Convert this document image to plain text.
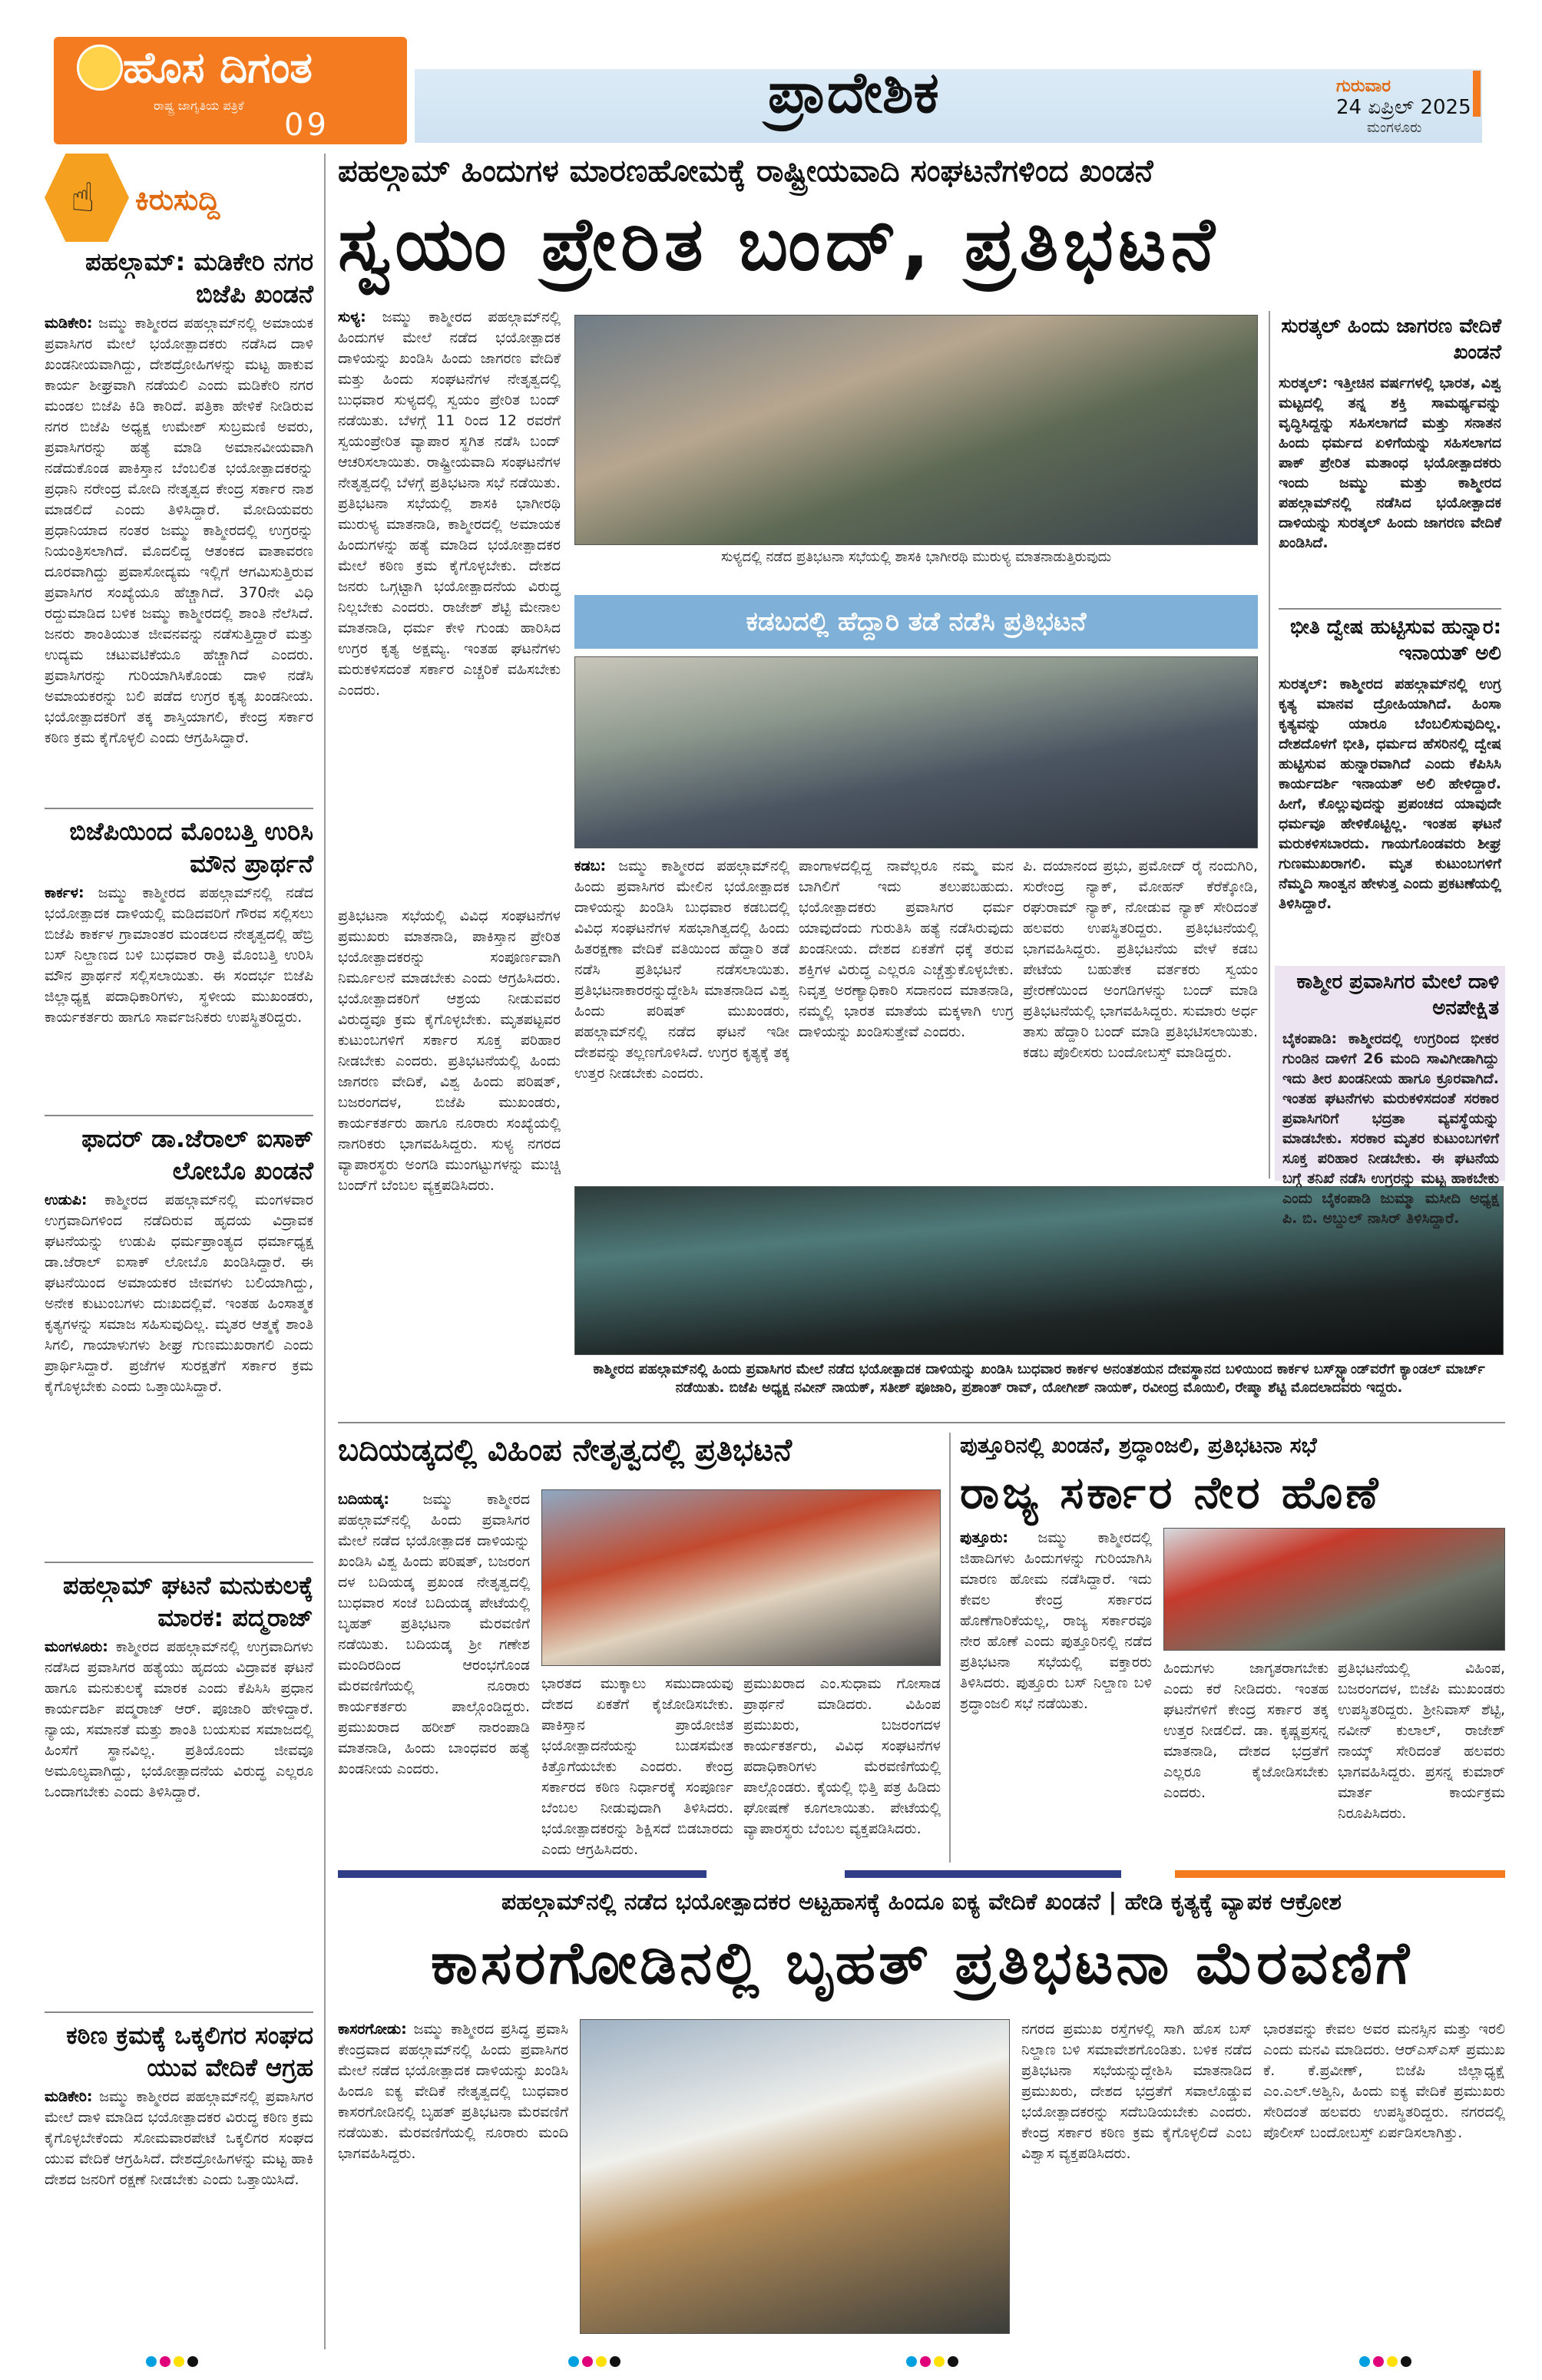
ಹೊಸ ದಿಗಂತ
ರಾಷ್ಟ್ರ ಜಾಗೃತಿಯ ಪತ್ರಿಕೆ
09	ಪ್ರಾದೇಶಿಕ	ಗುರುವಾರ
24 ಏಪ್ರಿಲ್ 2025
ಮಂಗಳೂರು
☝ ಕಿರುಸುದ್ದಿ
ಪಹಲ್ಗಾಮ್: ಮಡಿಕೇರಿ ನಗರ ಬಿಜೆಪಿ ಖಂಡನೆ
ಮಡಿಕೇರಿ: ಜಮ್ಮು ಕಾಶ್ಮೀರದ ಪಹಲ್ಗಾಮ್‌ನಲ್ಲಿ ಅಮಾಯಕ ಪ್ರವಾಸಿಗರ ಮೇಲೆ ಭಯೋತ್ಪಾದಕರು ನಡೆಸಿದ ದಾಳಿ ಖಂಡನೀಯವಾಗಿದ್ದು, ದೇಶದ್ರೋಹಿಗಳನ್ನು ಮಟ್ಟ ಹಾಕುವ ಕಾರ್ಯ ಶೀಘ್ರವಾಗಿ ನಡೆಯಲಿ ಎಂದು ಮಡಿಕೇರಿ ನಗರ ಮಂಡಲ ಬಿಜೆಪಿ ಕಿಡಿ ಕಾರಿದೆ. ಪತ್ರಿಕಾ ಹೇಳಿಕೆ ನೀಡಿರುವ ನಗರ ಬಿಜೆಪಿ ಅಧ್ಯಕ್ಷ ಉಮೇಶ್ ಸುಬ್ರಮಣಿ ಅವರು, ಪ್ರವಾಸಿಗರನ್ನು ಹತ್ಯೆ ಮಾಡಿ ಅಮಾನವೀಯವಾಗಿ ನಡೆದುಕೊಂಡ ಪಾಕಿಸ್ತಾನ ಬೆಂಬಲಿತ ಭಯೋತ್ಪಾದಕರನ್ನು ಪ್ರಧಾನಿ ನರೇಂದ್ರ ಮೋದಿ ನೇತೃತ್ವದ ಕೇಂದ್ರ ಸರ್ಕಾರ ನಾಶ ಮಾಡಲಿದೆ ಎಂದು ತಿಳಿಸಿದ್ದಾರೆ. ಮೋದಿಯವರು ಪ್ರಧಾನಿಯಾದ ನಂತರ ಜಮ್ಮು ಕಾಶ್ಮೀರದಲ್ಲಿ ಉಗ್ರರನ್ನು ನಿಯಂತ್ರಿಸಲಾಗಿದೆ. ಮೊದಲಿದ್ದ ಆತಂಕದ ವಾತಾವರಣ ದೂರವಾಗಿದ್ದು ಪ್ರವಾಸೋದ್ಯಮ ಇಲ್ಲಿಗೆ ಆಗಮಿಸುತ್ತಿರುವ ಪ್ರವಾಸಿಗರ ಸಂಖ್ಯೆಯೂ ಹೆಚ್ಚಾಗಿದೆ. 370ನೇ ವಿಧಿ ರದ್ದುಮಾಡಿದ ಬಳಿಕ ಜಮ್ಮು ಕಾಶ್ಮೀರದಲ್ಲಿ ಶಾಂತಿ ನೆಲೆಸಿದೆ. ಜನರು ಶಾಂತಿಯುತ ಜೀವನವನ್ನು ನಡೆಸುತ್ತಿದ್ದಾರೆ ಮತ್ತು ಉದ್ಯಮ ಚಟುವಟಿಕೆಯೂ ಹೆಚ್ಚಾಗಿದೆ ಎಂದರು. ಪ್ರವಾಸಿಗರನ್ನು ಗುರಿಯಾಗಿಸಿಕೊಂಡು ದಾಳಿ ನಡೆಸಿ ಅಮಾಯಕರನ್ನು ಬಲಿ ಪಡೆದ ಉಗ್ರರ ಕೃತ್ಯ ಖಂಡನೀಯ. ಭಯೋತ್ಪಾದಕರಿಗೆ ತಕ್ಕ ಶಾಸ್ತಿಯಾಗಲಿ, ಕೇಂದ್ರ ಸರ್ಕಾರ ಕಠಿಣ ಕ್ರಮ ಕೈಗೊಳ್ಳಲಿ ಎಂದು ಆಗ್ರಹಿಸಿದ್ದಾರೆ.
ಬಿಜೆಪಿಯಿಂದ ಮೊಂಬತ್ತಿ ಉರಿಸಿ ಮೌನ ಪ್ರಾರ್ಥನೆ
ಕಾರ್ಕಳ: ಜಮ್ಮು ಕಾಶ್ಮೀರದ ಪಹಲ್ಗಾಮ್‌ನಲ್ಲಿ ನಡೆದ ಭಯೋತ್ಪಾದಕ ದಾಳಿಯಲ್ಲಿ ಮಡಿದವರಿಗೆ ಗೌರವ ಸಲ್ಲಿಸಲು ಬಿಜೆಪಿ ಕಾರ್ಕಳ ಗ್ರಾಮಾಂತರ ಮಂಡಲದ ನೇತೃತ್ವದಲ್ಲಿ ಹೆಬ್ರಿ ಬಸ್ ನಿಲ್ದಾಣದ ಬಳಿ ಬುಧವಾರ ರಾತ್ರಿ ಮೊಂಬತ್ತಿ ಉರಿಸಿ ಮೌನ ಪ್ರಾರ್ಥನೆ ಸಲ್ಲಿಸಲಾಯಿತು. ಈ ಸಂದರ್ಭ ಬಿಜೆಪಿ ಜಿಲ್ಲಾಧ್ಯಕ್ಷ ಪದಾಧಿಕಾರಿಗಳು, ಸ್ಥಳೀಯ ಮುಖಂಡರು, ಕಾರ್ಯಕರ್ತರು ಹಾಗೂ ಸಾರ್ವಜನಿಕರು ಉಪಸ್ಥಿತರಿದ್ದರು.
ಫಾದರ್ ಡಾ.ಜೆರಾಲ್ ಐಸಾಕ್ ಲೋಬೊ ಖಂಡನೆ
ಉಡುಪಿ: ಕಾಶ್ಮೀರದ ಪಹಲ್ಗಾಮ್‌ನಲ್ಲಿ ಮಂಗಳವಾರ ಉಗ್ರವಾದಿಗಳಿಂದ ನಡೆದಿರುವ ಹೃದಯ ವಿದ್ರಾವಕ ಘಟನೆಯನ್ನು ಉಡುಪಿ ಧರ್ಮಪ್ರಾಂತ್ಯದ ಧರ್ಮಾಧ್ಯಕ್ಷ ಡಾ.ಜೆರಾಲ್ ಐಸಾಕ್ ಲೋಬೊ ಖಂಡಿಸಿದ್ದಾರೆ. ಈ ಘಟನೆಯಿಂದ ಅಮಾಯಕರ ಜೀವಗಳು ಬಲಿಯಾಗಿದ್ದು, ಅನೇಕ ಕುಟುಂಬಗಳು ದುಃಖದಲ್ಲಿವೆ. ಇಂತಹ ಹಿಂಸಾತ್ಮಕ ಕೃತ್ಯಗಳನ್ನು ಸಮಾಜ ಸಹಿಸುವುದಿಲ್ಲ. ಮೃತರ ಆತ್ಮಕ್ಕೆ ಶಾಂತಿ ಸಿಗಲಿ, ಗಾಯಾಳುಗಳು ಶೀಘ್ರ ಗುಣಮುಖರಾಗಲಿ ಎಂದು ಪ್ರಾರ್ಥಿಸಿದ್ದಾರೆ. ಪ್ರಜೆಗಳ ಸುರಕ್ಷತೆಗೆ ಸರ್ಕಾರ ಕ್ರಮ ಕೈಗೊಳ್ಳಬೇಕು ಎಂದು ಒತ್ತಾಯಿಸಿದ್ದಾರೆ.
ಪಹಲ್ಗಾಮ್ ಘಟನೆ ಮನುಕುಲಕ್ಕೆ ಮಾರಕ: ಪದ್ಮರಾಜ್
ಮಂಗಳೂರು: ಕಾಶ್ಮೀರದ ಪಹಲ್ಗಾಮ್‌ನಲ್ಲಿ ಉಗ್ರವಾದಿಗಳು ನಡೆಸಿದ ಪ್ರವಾಸಿಗರ ಹತ್ಯೆಯು ಹೃದಯ ವಿದ್ರಾವಕ ಘಟನೆ ಹಾಗೂ ಮನುಕುಲಕ್ಕೆ ಮಾರಕ ಎಂದು ಕೆಪಿಸಿಸಿ ಪ್ರಧಾನ ಕಾರ್ಯದರ್ಶಿ ಪದ್ಮರಾಜ್ ಆರ್. ಪೂಜಾರಿ ಹೇಳಿದ್ದಾರೆ. ನ್ಯಾಯ, ಸಮಾನತೆ ಮತ್ತು ಶಾಂತಿ ಬಯಸುವ ಸಮಾಜದಲ್ಲಿ ಹಿಂಸೆಗೆ ಸ್ಥಾನವಿಲ್ಲ. ಪ್ರತಿಯೊಂದು ಜೀವವೂ ಅಮೂಲ್ಯವಾಗಿದ್ದು, ಭಯೋತ್ಪಾದನೆಯ ವಿರುದ್ಧ ಎಲ್ಲರೂ ಒಂದಾಗಬೇಕು ಎಂದು ತಿಳಿಸಿದ್ದಾರೆ.
ಕಠಿಣ ಕ್ರಮಕ್ಕೆ ಒಕ್ಕಲಿಗರ ಸಂಘದ ಯುವ ವೇದಿಕೆ ಆಗ್ರಹ
ಮಡಿಕೇರಿ: ಜಮ್ಮು ಕಾಶ್ಮೀರದ ಪಹಲ್ಗಾಮ್‌ನಲ್ಲಿ ಪ್ರವಾಸಿಗರ ಮೇಲೆ ದಾಳಿ ಮಾಡಿದ ಭಯೋತ್ಪಾದಕರ ವಿರುದ್ಧ ಕಠಿಣ ಕ್ರಮ ಕೈಗೊಳ್ಳಬೇಕೆಂದು ಸೋಮವಾರಪೇಟೆ ಒಕ್ಕಲಿಗರ ಸಂಘದ ಯುವ ವೇದಿಕೆ ಆಗ್ರಹಿಸಿದೆ. ದೇಶದ್ರೋಹಿಗಳನ್ನು ಮಟ್ಟ ಹಾಕಿ ದೇಶದ ಜನರಿಗೆ ರಕ್ಷಣೆ ನೀಡಬೇಕು ಎಂದು ಒತ್ತಾಯಿಸಿದೆ.
ಪಹಲ್ಗಾಮ್ ಹಿಂದುಗಳ ಮಾರಣಹೋಮಕ್ಕೆ ರಾಷ್ಟ್ರೀಯವಾದಿ ಸಂಘಟನೆಗಳಿಂದ ಖಂಡನೆ
ಸ್ವಯಂ ಪ್ರೇರಿತ ಬಂದ್, ಪ್ರತಿಭಟನೆ
ಸುಳ್ಯ: ಜಮ್ಮು ಕಾಶ್ಮೀರದ ಪಹಲ್ಗಾಮ್‌ನಲ್ಲಿ ಹಿಂದುಗಳ ಮೇಲೆ ನಡೆದ ಭಯೋತ್ಪಾದಕ ದಾಳಿಯನ್ನು ಖಂಡಿಸಿ ಹಿಂದು ಜಾಗರಣ ವೇದಿಕೆ ಮತ್ತು ಹಿಂದು ಸಂಘಟನೆಗಳ ನೇತೃತ್ವದಲ್ಲಿ ಬುಧವಾರ ಸುಳ್ಯದಲ್ಲಿ ಸ್ವಯಂ ಪ್ರೇರಿತ ಬಂದ್ ನಡೆಯಿತು. ಬೆಳಗ್ಗೆ 11 ರಿಂದ 12 ರವರೆಗೆ ಸ್ವಯಂಪ್ರೇರಿತ ವ್ಯಾಪಾರ ಸ್ಥಗಿತ ನಡೆಸಿ ಬಂದ್ ಆಚರಿಸಲಾಯಿತು. ರಾಷ್ಟ್ರೀಯವಾದಿ ಸಂಘಟನೆಗಳ ನೇತೃತ್ವದಲ್ಲಿ ಬೆಳಗ್ಗೆ ಪ್ರತಿಭಟನಾ ಸಭೆ ನಡೆಯಿತು. ಪ್ರತಿಭಟನಾ ಸಭೆಯಲ್ಲಿ ಶಾಸಕಿ ಭಾಗೀರಥಿ ಮುರುಳ್ಯ ಮಾತನಾಡಿ, ಕಾಶ್ಮೀರದಲ್ಲಿ ಅಮಾಯಕ ಹಿಂದುಗಳನ್ನು ಹತ್ಯೆ ಮಾಡಿದ ಭಯೋತ್ಪಾದಕರ ಮೇಲೆ ಕಠಿಣ ಕ್ರಮ ಕೈಗೊಳ್ಳಬೇಕು. ದೇಶದ ಜನರು ಒಗ್ಗಟ್ಟಾಗಿ ಭಯೋತ್ಪಾದನೆಯ ವಿರುದ್ಧ ನಿಲ್ಲಬೇಕು ಎಂದರು. ರಾಜೇಶ್ ಶೆಟ್ಟಿ ಮೇನಾಲ ಮಾತನಾಡಿ, ಧರ್ಮ ಕೇಳಿ ಗುಂಡು ಹಾರಿಸಿದ ಉಗ್ರರ ಕೃತ್ಯ ಅಕ್ಷಮ್ಯ. ಇಂತಹ ಘಟನೆಗಳು ಮರುಕಳಿಸದಂತೆ ಸರ್ಕಾರ ಎಚ್ಚರಿಕೆ ವಹಿಸಬೇಕು ಎಂದರು.
ಸುಳ್ಯದಲ್ಲಿ ನಡೆದ ಪ್ರತಿಭಟನಾ ಸಭೆಯಲ್ಲಿ ಶಾಸಕಿ ಭಾಗೀರಥಿ ಮುರುಳ್ಯ ಮಾತನಾಡುತ್ತಿರುವುದು
ಕಡಬದಲ್ಲಿ ಹೆದ್ದಾರಿ ತಡೆ ನಡೆಸಿ ಪ್ರತಿಭಟನೆ
ಕಡಬ: ಜಮ್ಮು ಕಾಶ್ಮೀರದ ಪಹಲ್ಗಾಮ್‌ನಲ್ಲಿ ಹಿಂದು ಪ್ರವಾಸಿಗರ ಮೇಲಿನ ಭಯೋತ್ಪಾದಕ ದಾಳಿಯನ್ನು ಖಂಡಿಸಿ ಬುಧವಾರ ಕಡಬದಲ್ಲಿ ವಿವಿಧ ಸಂಘಟನೆಗಳ ಸಹಭಾಗಿತ್ವದಲ್ಲಿ ಹಿಂದು ಹಿತರಕ್ಷಣಾ ವೇದಿಕೆ ವತಿಯಿಂದ ಹೆದ್ದಾರಿ ತಡೆ ನಡೆಸಿ ಪ್ರತಿಭಟನೆ ನಡೆಸಲಾಯಿತು. ಪ್ರತಿಭಟನಾಕಾರರನ್ನುದ್ದೇಶಿಸಿ ಮಾತನಾಡಿದ ವಿಶ್ವ ಹಿಂದು ಪರಿಷತ್ ಮುಖಂಡರು, ಪಹಲ್ಗಾಮ್‌ನಲ್ಲಿ ನಡೆದ ಘಟನೆ ಇಡೀ ದೇಶವನ್ನು ತಲ್ಲಣಗೊಳಿಸಿದೆ. ಉಗ್ರರ ಕೃತ್ಯಕ್ಕೆ ತಕ್ಕ ಉತ್ತರ ನೀಡಬೇಕು ಎಂದರು.
ಪಾಂಗಾಳದಲ್ಲಿದ್ದ ನಾವೆಲ್ಲರೂ ನಮ್ಮ ಮನ ಬಾಗಿಲಿಗೆ ಇದು ತಲುಪಬಹುದು. ಭಯೋತ್ಪಾದಕರು ಪ್ರವಾಸಿಗರ ಧರ್ಮ ಯಾವುದೆಂದು ಗುರುತಿಸಿ ಹತ್ಯೆ ನಡೆಸಿರುವುದು ಖಂಡನೀಯ. ದೇಶದ ಏಕತೆಗೆ ಧಕ್ಕೆ ತರುವ ಶಕ್ತಿಗಳ ವಿರುದ್ಧ ಎಲ್ಲರೂ ಎಚ್ಚೆತ್ತುಕೊಳ್ಳಬೇಕು. ನಿವೃತ್ತ ಅರಣ್ಯಾಧಿಕಾರಿ ಸದಾನಂದ ಮಾತನಾಡಿ, ನಮ್ಮಲ್ಲಿ ಭಾರತ ಮಾತೆಯ ಮಕ್ಕಳಾಗಿ ಉಗ್ರ ದಾಳಿಯನ್ನು ಖಂಡಿಸುತ್ತೇವೆ ಎಂದರು.
ಪಿ. ದಯಾನಂದ ಪ್ರಭು, ಪ್ರಮೋದ್ ರೈ ನಂದುಗಿರಿ, ಸುರೇಂದ್ರ ನ್ಯಾಕ್, ಮೋಹನ್ ಕೆರೆಕ್ಕೋಡಿ, ರಘುರಾಮ್ ನ್ಯಾಕ್, ನೋಡುವ ನ್ಯಾಕ್ ಸೇರಿದಂತೆ ಹಲವರು ಉಪಸ್ಥಿತರಿದ್ದರು. ಪ್ರತಿಭಟನೆಯಲ್ಲಿ ಭಾಗವಹಿಸಿದ್ದರು. ಪ್ರತಿಭಟನೆಯ ವೇಳೆ ಕಡಬ ಪೇಟೆಯ ಬಹುತೇಕ ವರ್ತಕರು ಸ್ವಯಂ ಪ್ರೇರಣೆಯಿಂದ ಅಂಗಡಿಗಳನ್ನು ಬಂದ್ ಮಾಡಿ ಪ್ರತಿಭಟನೆಯಲ್ಲಿ ಭಾಗವಹಿಸಿದ್ದರು. ಸುಮಾರು ಅರ್ಧ ತಾಸು ಹೆದ್ದಾರಿ ಬಂದ್ ಮಾಡಿ ಪ್ರತಿಭಟಿಸಲಾಯಿತು. ಕಡಬ ಪೊಲೀಸರು ಬಂದೋಬಸ್ತ್ ಮಾಡಿದ್ದರು.
ಕಾಶ್ಮೀರದ ಪಹಲ್ಗಾಮ್‌ನಲ್ಲಿ ಹಿಂದು ಪ್ರವಾಸಿಗರ ಮೇಲೆ ನಡೆದ ಭಯೋತ್ಪಾದಕ ದಾಳಿಯನ್ನು ಖಂಡಿಸಿ ಬುಧವಾರ ಕಾರ್ಕಳ ಅನಂತಶಯನ ದೇವಸ್ಥಾನದ ಬಳಿಯಿಂದ ಕಾರ್ಕಳ ಬಸ್‌ಸ್ಟ್ಯಾಂಡ್‌ವರೆಗೆ ಕ್ಯಾಂಡಲ್ ಮಾರ್ಚ್ ನಡೆಯಿತು. ಬಿಜೆಪಿ ಅಧ್ಯಕ್ಷ ನವೀನ್ ನಾಯಕ್, ಸತೀಶ್ ಪೂಜಾರಿ, ಪ್ರಶಾಂತ್ ರಾವ್, ಯೋಗೀಶ್ ನಾಯಕ್, ರವೀಂದ್ರ ಮೊಯಿಲಿ, ರೇಷ್ಮಾ ಶೆಟ್ಟಿ ಮೊದಲಾದವರು ಇದ್ದರು.
ಪ್ರತಿಭಟನಾ ಸಭೆಯಲ್ಲಿ ವಿವಿಧ ಸಂಘಟನೆಗಳ ಪ್ರಮುಖರು ಮಾತನಾಡಿ, ಪಾಕಿಸ್ತಾನ ಪ್ರೇರಿತ ಭಯೋತ್ಪಾದಕರನ್ನು ಸಂಪೂರ್ಣವಾಗಿ ನಿರ್ಮೂಲನೆ ಮಾಡಬೇಕು ಎಂದು ಆಗ್ರಹಿಸಿದರು. ಭಯೋತ್ಪಾದಕರಿಗೆ ಆಶ್ರಯ ನೀಡುವವರ ವಿರುದ್ಧವೂ ಕ್ರಮ ಕೈಗೊಳ್ಳಬೇಕು. ಮೃತಪಟ್ಟವರ ಕುಟುಂಬಗಳಿಗೆ ಸರ್ಕಾರ ಸೂಕ್ತ ಪರಿಹಾರ ನೀಡಬೇಕು ಎಂದರು. ಪ್ರತಿಭಟನೆಯಲ್ಲಿ ಹಿಂದು ಜಾಗರಣ ವೇದಿಕೆ, ವಿಶ್ವ ಹಿಂದು ಪರಿಷತ್, ಬಜರಂಗದಳ, ಬಿಜೆಪಿ ಮುಖಂಡರು, ಕಾರ್ಯಕರ್ತರು ಹಾಗೂ ನೂರಾರು ಸಂಖ್ಯೆಯಲ್ಲಿ ನಾಗರಿಕರು ಭಾಗವಹಿಸಿದ್ದರು. ಸುಳ್ಯ ನಗರದ ವ್ಯಾಪಾರಸ್ಥರು ಅಂಗಡಿ ಮುಂಗಟ್ಟುಗಳನ್ನು ಮುಚ್ಚಿ ಬಂದ್‌ಗೆ ಬೆಂಬಲ ವ್ಯಕ್ತಪಡಿಸಿದರು.
ಸುರತ್ಕಲ್ ಹಿಂದು ಜಾಗರಣ ವೇದಿಕೆ ಖಂಡನೆ
ಸುರತ್ಕಲ್: ಇತ್ತೀಚಿನ ವರ್ಷಗಳಲ್ಲಿ ಭಾರತ, ವಿಶ್ವ ಮಟ್ಟದಲ್ಲಿ ತನ್ನ ಶಕ್ತಿ ಸಾಮರ್ಥ್ಯವನ್ನು ವೃದ್ಧಿಸಿದ್ದನ್ನು ಸಹಿಸಲಾಗದೆ ಮತ್ತು ಸನಾತನ ಹಿಂದು ಧರ್ಮದ ಏಳಿಗೆಯನ್ನು ಸಹಿಸಲಾಗದ ಪಾಕ್ ಪ್ರೇರಿತ ಮತಾಂಧ ಭಯೋತ್ಪಾದಕರು ಇಂದು ಜಮ್ಮು ಮತ್ತು ಕಾಶ್ಮೀರದ ಪಹಲ್ಗಾಮ್‌ನಲ್ಲಿ ನಡೆಸಿದ ಭಯೋತ್ಪಾದಕ ದಾಳಿಯನ್ನು ಸುರತ್ಕಲ್ ಹಿಂದು ಜಾಗರಣ ವೇದಿಕೆ ಖಂಡಿಸಿದೆ.
ಭೀತಿ ದ್ವೇಷ ಹುಟ್ಟಿಸುವ ಹುನ್ನಾರ: ಇನಾಯತ್ ಅಲಿ
ಸುರತ್ಕಲ್: ಕಾಶ್ಮೀರದ ಪಹಲ್ಗಾಮ್‌ನಲ್ಲಿ ಉಗ್ರ ಕೃತ್ಯ ಮಾನವ ದ್ರೋಹಿಯಾಗಿದೆ. ಹಿಂಸಾ ಕೃತ್ಯವನ್ನು ಯಾರೂ ಬೆಂಬಲಿಸುವುದಿಲ್ಲ. ದೇಶದೊಳಗೆ ಭೀತಿ, ಧರ್ಮದ ಹೆಸರಿನಲ್ಲಿ ದ್ವೇಷ ಹುಟ್ಟಿಸುವ ಹುನ್ನಾರವಾಗಿದೆ ಎಂದು ಕೆಪಿಸಿಸಿ ಕಾರ್ಯದರ್ಶಿ ಇನಾಯತ್ ಅಲಿ ಹೇಳಿದ್ದಾರೆ. ಹೀಗೆ, ಕೊಲ್ಲುವುದನ್ನು ಪ್ರಪಂಚದ ಯಾವುದೇ ಧರ್ಮವೂ ಹೇಳಿಕೊಟ್ಟಿಲ್ಲ. ಇಂತಹ ಘಟನೆ ಮರುಕಳಿಸಬಾರದು. ಗಾಯಗೊಂಡವರು ಶೀಘ್ರ ಗುಣಮುಖರಾಗಲಿ. ಮೃತ ಕುಟುಂಬಗಳಿಗೆ ನೆಮ್ಮದಿ ಸಾಂತ್ವನ ಹೇಳುತ್ತ ಎಂದು ಪ್ರಕಟಣೆಯಲ್ಲಿ ತಿಳಿಸಿದ್ದಾರೆ.
ಕಾಶ್ಮೀರ ಪ್ರವಾಸಿಗರ ಮೇಲೆ ದಾಳಿ ಅನಪೇಕ್ಷಿತ
ಬೈಕಂಪಾಡಿ: ಕಾಶ್ಮೀರದಲ್ಲಿ ಉಗ್ರರಿಂದ ಭೀಕರ ಗುಂಡಿನ ದಾಳಿಗೆ 26 ಮಂದಿ ಸಾವಿಗೀಡಾಗಿದ್ದು ಇದು ತೀರ ಖಂಡನೀಯ ಹಾಗೂ ಕ್ರೂರವಾಗಿದೆ. ಇಂತಹ ಘಟನೆಗಳು ಮರುಕಳಿಸದಂತೆ ಸರಕಾರ ಪ್ರವಾಸಿಗರಿಗೆ ಭದ್ರತಾ ವ್ಯವಸ್ಥೆಯನ್ನು ಮಾಡಬೇಕು. ಸರಕಾರ ಮೃತರ ಕುಟುಂಬಗಳಿಗೆ ಸೂಕ್ತ ಪರಿಹಾರ ನೀಡಬೇಕು. ಈ ಘಟನೆಯ ಬಗ್ಗೆ ತನಿಖೆ ನಡೆಸಿ ಉಗ್ರರನ್ನು ಮಟ್ಟ ಹಾಕಬೇಕು ಎಂದು ಬೈಕಂಪಾಡಿ ಜುಮ್ಮಾ ಮಸೀದಿ ಅಧ್ಯಕ್ಷ ಪಿ. ಬಿ. ಅಬ್ದುಲ್ ನಾಸಿರ್ ತಿಳಿಸಿದ್ದಾರೆ.
ಬದಿಯಡ್ಕದಲ್ಲಿ ವಿಹಿಂಪ ನೇತೃತ್ವದಲ್ಲಿ ಪ್ರತಿಭಟನೆ
ಬದಿಯಡ್ಕ: ಜಮ್ಮು ಕಾಶ್ಮೀರದ ಪಹಲ್ಗಾಮ್‌ನಲ್ಲಿ ಹಿಂದು ಪ್ರವಾಸಿಗರ ಮೇಲೆ ನಡೆದ ಭಯೋತ್ಪಾದಕ ದಾಳಿಯನ್ನು ಖಂಡಿಸಿ ವಿಶ್ವ ಹಿಂದು ಪರಿಷತ್, ಬಜರಂಗ ದಳ ಬದಿಯಡ್ಕ ಪ್ರಖಂಡ ನೇತೃತ್ವದಲ್ಲಿ ಬುಧವಾರ ಸಂಜೆ ಬದಿಯಡ್ಕ ಪೇಟೆಯಲ್ಲಿ ಬೃಹತ್ ಪ್ರತಿಭಟನಾ ಮೆರವಣಿಗೆ ನಡೆಯಿತು. ಬದಿಯಡ್ಕ ಶ್ರೀ ಗಣೇಶ ಮಂದಿರದಿಂದ ಆರಂಭಗೊಂಡ ಮೆರವಣಿಗೆಯಲ್ಲಿ ನೂರಾರು ಕಾರ್ಯಕರ್ತರು ಪಾಲ್ಗೊಂಡಿದ್ದರು. ಪ್ರಮುಖರಾದ ಹರೀಶ್ ನಾರಂಪಾಡಿ ಮಾತನಾಡಿ, ಹಿಂದು ಬಾಂಧವರ ಹತ್ಯೆ ಖಂಡನೀಯ ಎಂದರು.
ಭಾರತದ ಮುಕ್ಕಾಲು ಸಮುದಾಯವು ದೇಶದ ಏಕತೆಗೆ ಕೈಜೋಡಿಸಬೇಕು. ಪಾಕಿಸ್ತಾನ ಪ್ರಾಯೋಜಿತ ಭಯೋತ್ಪಾದನೆಯನ್ನು ಬುಡಸಮೇತ ಕಿತ್ತೊಗೆಯಬೇಕು ಎಂದರು. ಕೇಂದ್ರ ಸರ್ಕಾರದ ಕಠಿಣ ನಿರ್ಧಾರಕ್ಕೆ ಸಂಪೂರ್ಣ ಬೆಂಬಲ ನೀಡುವುದಾಗಿ ತಿಳಿಸಿದರು. ಭಯೋತ್ಪಾದಕರನ್ನು ಶಿಕ್ಷಿಸದೆ ಬಿಡಬಾರದು ಎಂದು ಆಗ್ರಹಿಸಿದರು.
ಪ್ರಮುಖರಾದ ಎಂ.ಸುಧಾಮ ಗೋಸಾಡ ಪ್ರಾರ್ಥನೆ ಮಾಡಿದರು. ವಿಹಿಂಪ ಪ್ರಮುಖರು, ಬಜರಂಗದಳ ಕಾರ್ಯಕರ್ತರು, ವಿವಿಧ ಸಂಘಟನೆಗಳ ಪದಾಧಿಕಾರಿಗಳು ಮೆರವಣಿಗೆಯಲ್ಲಿ ಪಾಲ್ಗೊಂಡರು. ಕೈಯಲ್ಲಿ ಭಿತ್ತಿ ಪತ್ರ ಹಿಡಿದು ಘೋಷಣೆ ಕೂಗಲಾಯಿತು. ಪೇಟೆಯಲ್ಲಿ ವ್ಯಾಪಾರಸ್ಥರು ಬೆಂಬಲ ವ್ಯಕ್ತಪಡಿಸಿದರು.
ಪುತ್ತೂರಿನಲ್ಲಿ ಖಂಡನೆ, ಶ್ರದ್ಧಾಂಜಲಿ, ಪ್ರತಿಭಟನಾ ಸಭೆ
ರಾಜ್ಯ ಸರ್ಕಾರ ನೇರ ಹೊಣೆ
ಪುತ್ತೂರು: ಜಮ್ಮು ಕಾಶ್ಮೀರದಲ್ಲಿ ಜಿಹಾದಿಗಳು ಹಿಂದುಗಳನ್ನು ಗುರಿಯಾಗಿಸಿ ಮಾರಣ ಹೋಮ ನಡೆಸಿದ್ದಾರೆ. ಇದು ಕೇವಲ ಕೇಂದ್ರ ಸರ್ಕಾರದ ಹೊಣೆಗಾರಿಕೆಯಲ್ಲ, ರಾಜ್ಯ ಸರ್ಕಾರವೂ ನೇರ ಹೊಣೆ ಎಂದು ಪುತ್ತೂರಿನಲ್ಲಿ ನಡೆದ ಪ್ರತಿಭಟನಾ ಸಭೆಯಲ್ಲಿ ವಕ್ತಾರರು ತಿಳಿಸಿದರು. ಪುತ್ತೂರು ಬಸ್ ನಿಲ್ದಾಣ ಬಳಿ ಶ್ರದ್ಧಾಂಜಲಿ ಸಭೆ ನಡೆಯಿತು.
ಹಿಂದುಗಳು ಜಾಗೃತರಾಗಬೇಕು ಎಂದು ಕರೆ ನೀಡಿದರು. ಇಂತಹ ಘಟನೆಗಳಿಗೆ ಕೇಂದ್ರ ಸರ್ಕಾರ ತಕ್ಕ ಉತ್ತರ ನೀಡಲಿದೆ. ಡಾ. ಕೃಷ್ಣಪ್ರಸನ್ನ ಮಾತನಾಡಿ, ದೇಶದ ಭದ್ರತೆಗೆ ಎಲ್ಲರೂ ಕೈಜೋಡಿಸಬೇಕು ಎಂದರು.
ಪ್ರತಿಭಟನೆಯಲ್ಲಿ ವಿಹಿಂಪ, ಬಜರಂಗದಳ, ಬಿಜೆಪಿ ಮುಖಂಡರು ಉಪಸ್ಥಿತರಿದ್ದರು. ಶ್ರೀನಿವಾಸ್ ಶೆಟ್ಟಿ, ನವೀನ್ ಕುಲಾಲ್, ರಾಜೇಶ್ ನಾಯ್ಕ್ ಸೇರಿದಂತೆ ಹಲವರು ಭಾಗವಹಿಸಿದ್ದರು. ಪ್ರಸನ್ನ ಕುಮಾರ್ ಮಾರ್ತ ಕಾರ್ಯಕ್ರಮ ನಿರೂಪಿಸಿದರು.
ಪಹಲ್ಗಾಮ್‌ನಲ್ಲಿ ನಡೆದ ಭಯೋತ್ಪಾದಕರ ಅಟ್ಟಹಾಸಕ್ಕೆ ಹಿಂದೂ ಐಕ್ಯ ವೇದಿಕೆ ಖಂಡನೆ | ಹೇಡಿ ಕೃತ್ಯಕ್ಕೆ ವ್ಯಾಪಕ ಆಕ್ರೋಶ
ಕಾಸರಗೋಡಿನಲ್ಲಿ ಬೃಹತ್ ಪ್ರತಿಭಟನಾ ಮೆರವಣಿಗೆ
ಕಾಸರಗೋಡು: ಜಮ್ಮು ಕಾಶ್ಮೀರದ ಪ್ರಸಿದ್ಧ ಪ್ರವಾಸಿ ಕೇಂದ್ರವಾದ ಪಹಲ್ಗಾಮ್‌ನಲ್ಲಿ ಹಿಂದು ಪ್ರವಾಸಿಗರ ಮೇಲೆ ನಡೆದ ಭಯೋತ್ಪಾದಕ ದಾಳಿಯನ್ನು ಖಂಡಿಸಿ ಹಿಂದೂ ಐಕ್ಯ ವೇದಿಕೆ ನೇತೃತ್ವದಲ್ಲಿ ಬುಧವಾರ ಕಾಸರಗೋಡಿನಲ್ಲಿ ಬೃಹತ್ ಪ್ರತಿಭಟನಾ ಮೆರವಣಿಗೆ ನಡೆಯಿತು. ಮೆರವಣಿಗೆಯಲ್ಲಿ ನೂರಾರು ಮಂದಿ ಭಾಗವಹಿಸಿದ್ದರು.
ನಗರದ ಪ್ರಮುಖ ರಸ್ತೆಗಳಲ್ಲಿ ಸಾಗಿ ಹೊಸ ಬಸ್ ನಿಲ್ದಾಣ ಬಳಿ ಸಮಾವೇಶಗೊಂಡಿತು. ಬಳಿಕ ನಡೆದ ಪ್ರತಿಭಟನಾ ಸಭೆಯನ್ನುದ್ದೇಶಿಸಿ ಮಾತನಾಡಿದ ಪ್ರಮುಖರು, ದೇಶದ ಭದ್ರತೆಗೆ ಸವಾಲೊಡ್ಡುವ ಭಯೋತ್ಪಾದಕರನ್ನು ಸದೆಬಡಿಯಬೇಕು ಎಂದರು. ಕೇಂದ್ರ ಸರ್ಕಾರ ಕಠಿಣ ಕ್ರಮ ಕೈಗೊಳ್ಳಲಿದೆ ಎಂಬ ವಿಶ್ವಾಸ ವ್ಯಕ್ತಪಡಿಸಿದರು.
ಭಾರತವನ್ನು ಕೇವಲ ಅವರ ಮನಸ್ಸಿನ ಮತ್ತು ಇರಲಿ ಎಂದು ಮನವಿ ಮಾಡಿದರು. ಆರ್‌ಎಸ್‌ಎಸ್ ಪ್ರಮುಖ ಕೆ. ಕೆ.ಪ್ರವೀಣ್, ಬಿಜೆಪಿ ಜಿಲ್ಲಾಧ್ಯಕ್ಷೆ ಎಂ.ಎಲ್.ಅಶ್ವಿನಿ, ಹಿಂದು ಐಕ್ಯ ವೇದಿಕೆ ಪ್ರಮುಖರು ಸೇರಿದಂತೆ ಹಲವರು ಉಪಸ್ಥಿತರಿದ್ದರು. ನಗರದಲ್ಲಿ ಪೊಲೀಸ್ ಬಂದೋಬಸ್ತ್ ಏರ್ಪಡಿಸಲಾಗಿತ್ತು.
